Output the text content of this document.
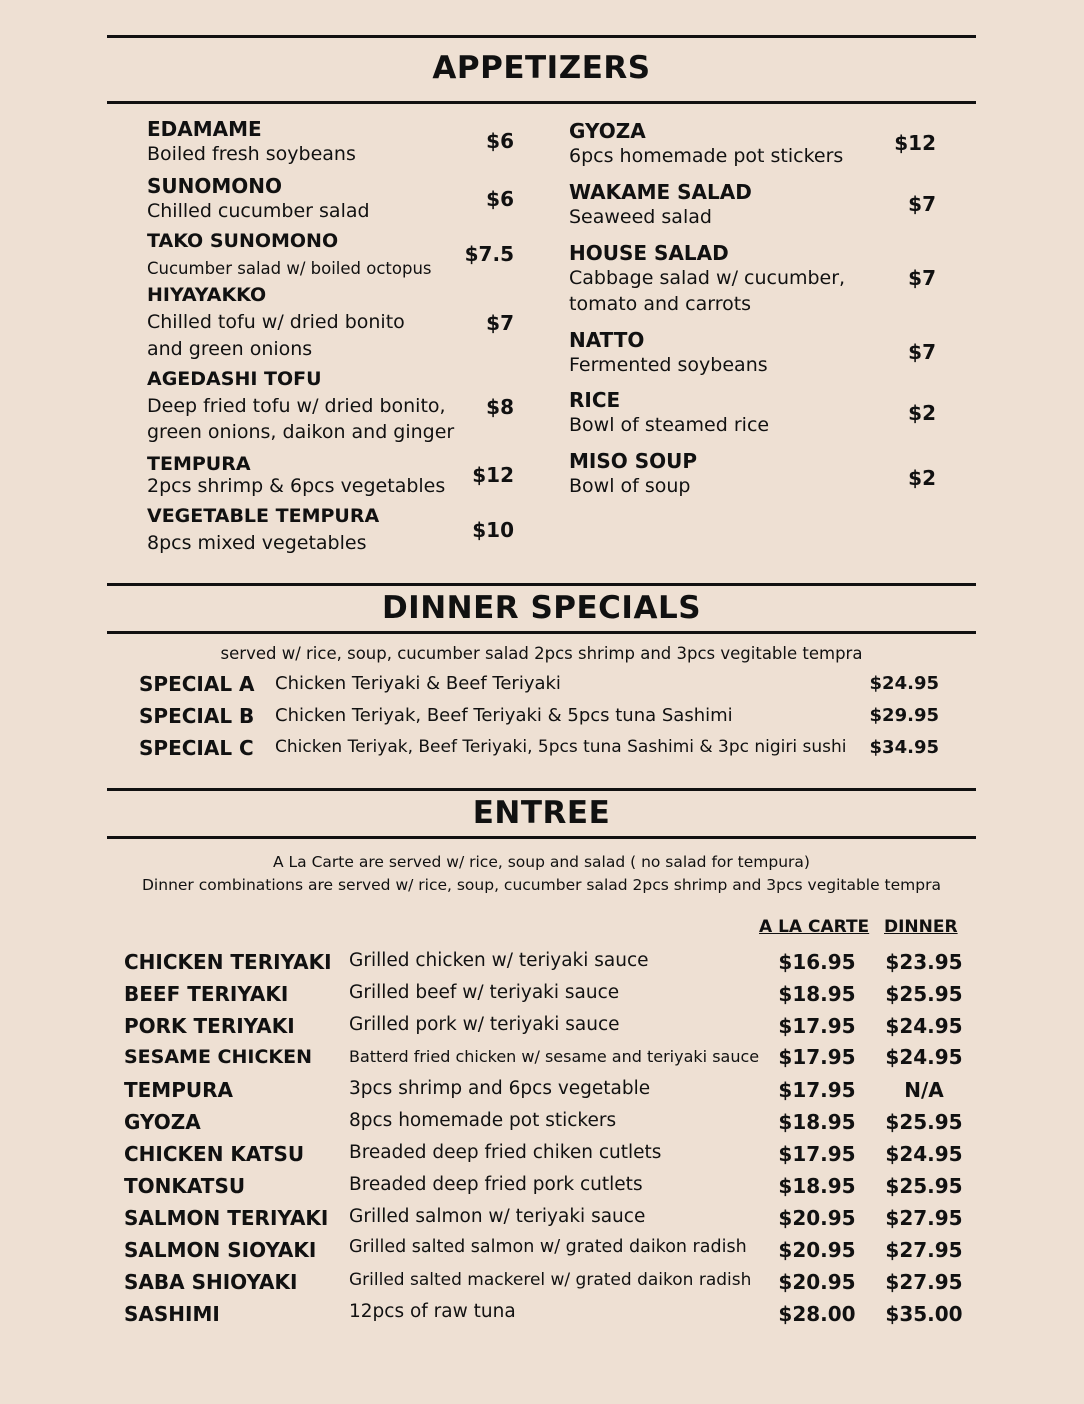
APPETIZERS
EDAMAME
Boiled fresh soybeans
$6
SUNOMONO
Chilled cucumber salad	$6
TAKO SUNOMONO
Cucumber salad w/ boiled octopus
$7.5
HIYAYAKKO
Chilled tofu w/ dried bonito
and green onions
$7
AGEDASHI TOFU
Deep fried tofu w/ dried bonito,
green onions, daikon and ginger
$8
TEMPURA
2pcs shrimp & 6pcs vegetables $12
VEGETABLE TEMPURA
8pcs mixed vegetables
$10
GYOZA
6pcs homemade pot stickers
$12
WAKAME SALAD
Seaweed salad
$7
HOUSE SALAD
Cabbage salad w/ cucumber,
tomato and carrots
$7
NATTO
Fermented soybeans
$7
RICE
Bowl of steamed rice	$2
MISO SOUP
Bowl of soup	$2
DINNER SPECIALS
served w/ rice, soup, cucumber salad 2pcs shrimp and 3pcs vegitable tempra
SPECIAL A Chicken Teriyaki & Beef Teriyaki	$24.95
SPECIAL B Chicken Teriyak, Beef Teriyaki & 5pcs tuna Sashimi	$29.95
SPECIAL C Chicken Teriyak, Beef Teriyaki, 5pcs tuna Sashimi & 3pc nigiri sushi $34.95
ENTREE
A La Carte are served w/ rice, soup and salad ( no salad for tempura)
Dinner combinations are served w/ rice, soup, cucumber salad 2pcs shrimp and 3pcs vegitable tempra
A LA CARTE DINNER
CHICKEN TERIYAKI Grilled chicken w/ teriyaki sauce	$16.95	$23.95
BEEF TERIYAKI	Grilled beef w/ teriyaki sauce	$18.95	$25.95
PORK TERIYAKI	Grilled pork w/ teriyaki sauce	$17.95	$24.95
SESAME CHICKEN Batterd fried chicken w/ sesame and teriyaki sauce $17.95	$24.95
TEMPURA	3pcs shrimp and 6pcs vegetable	$17.95	N/A
GYOZA	8pcs homemade pot stickers	$18.95	$25.95
CHICKEN KATSU Breaded deep fried chiken cutlets	$17.95	$24.95
TONKATSU	Breaded deep fried pork cutlets	$18.95	$25.95
SALMON TERIYAKI Grilled salmon w/ teriyaki sauce	$20.95	$27.95
SALMON SIOYAKI Grilled salted salmon w/ grated daikon radish	$20.95	$27.95
SABA SHIOYAKI	Grilled salted mackerel w/ grated daikon radish	$20.95	$27.95
SASHIMI	12pcs of raw tuna	$28.00	$35.00
